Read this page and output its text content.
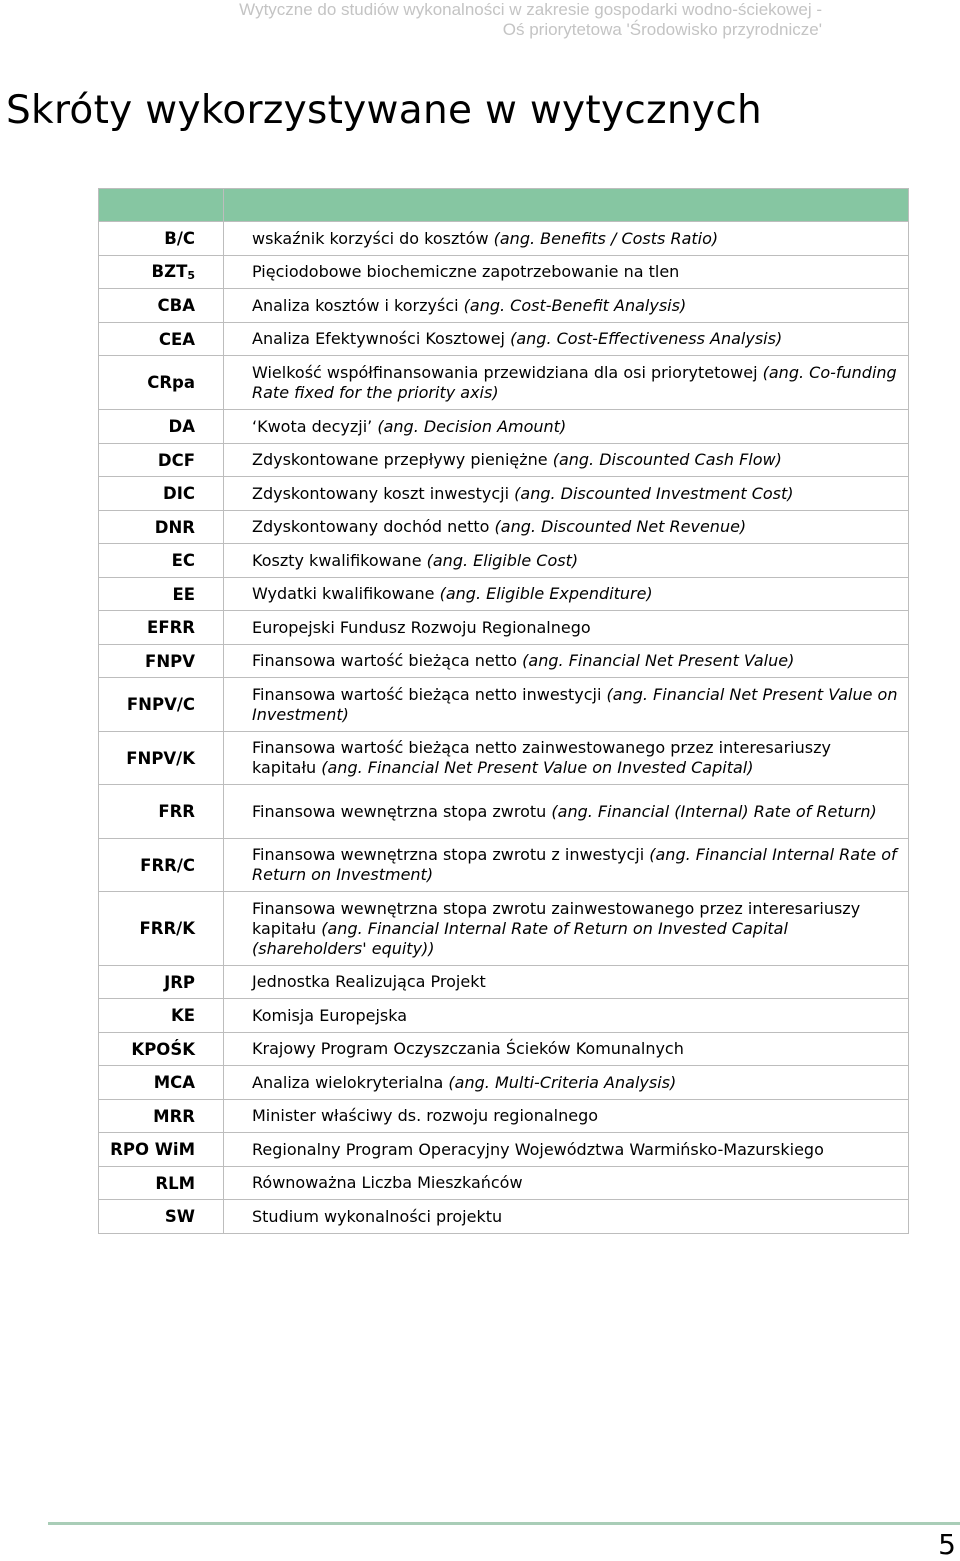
Wytyczne do studiów wykonalności w zakresie gospodarki wodno-ściekowej -
Oś priorytetowa 'Środowisko przyrodnicze'
Skróty wykorzystywane w wytycznych

B/C	wskaźnik korzyści do kosztów (ang. Benefits / Costs Ratio)
$BZT_5$	Pięciodobowe biochemiczne zapotrzebowanie na tlen
CBA	Analiza kosztów i korzyści (ang. Cost-Benefit Analysis)
CEA	Analiza Efektywności Kosztowej (ang. Cost-Effectiveness Analysis)
CRpa	Wielkość współfinansowania przewidziana dla osi priorytetowej (ang. Co-funding Rate fixed for the priority axis)
DA	‘Kwota decyzji’ (ang. Decision Amount)
DCF	Zdyskontowane przepływy pieniężne (ang. Discounted Cash Flow)
DIC	Zdyskontowany koszt inwestycji (ang. Discounted Investment Cost)
DNR	Zdyskontowany dochód netto (ang. Discounted Net Revenue)
EC	Koszty kwalifikowane (ang. Eligible Cost)
EE	Wydatki kwalifikowane (ang. Eligible Expenditure)
EFRR	Europejski Fundusz Rozwoju Regionalnego
FNPV	Finansowa wartość bieżąca netto (ang. Financial Net Present Value)
FNPV/C	Finansowa wartość bieżąca netto inwestycji (ang. Financial Net Present Value on Investment)
FNPV/K	Finansowa wartość bieżąca netto zainwestowanego przez interesariuszy kapitału (ang. Financial Net Present Value on Invested Capital)
FRR	Finansowa wewnętrzna stopa zwrotu (ang. Financial (Internal) Rate of Return)
FRR/C	Finansowa wewnętrzna stopa zwrotu z inwestycji (ang. Financial Internal Rate of Return on Investment)
FRR/K	Finansowa wewnętrzna stopa zwrotu zainwestowanego przez interesariuszy kapitału (ang. Financial Internal Rate of Return on Invested Capital (shareholders' equity))
JRP	Jednostka Realizująca Projekt
KE	Komisja Europejska
KPOŚK	Krajowy Program Oczyszczania Ścieków Komunalnych
MCA	Analiza wielokryterialna (ang. Multi-Criteria Analysis)
MRR	Minister właściwy ds. rozwoju regionalnego
RPO WiM	Regionalny Program Operacyjny Województwa Warmińsko-Mazurskiego
RLM	Równoważna Liczba Mieszkańców
SW	Studium wykonalności projektu
5
